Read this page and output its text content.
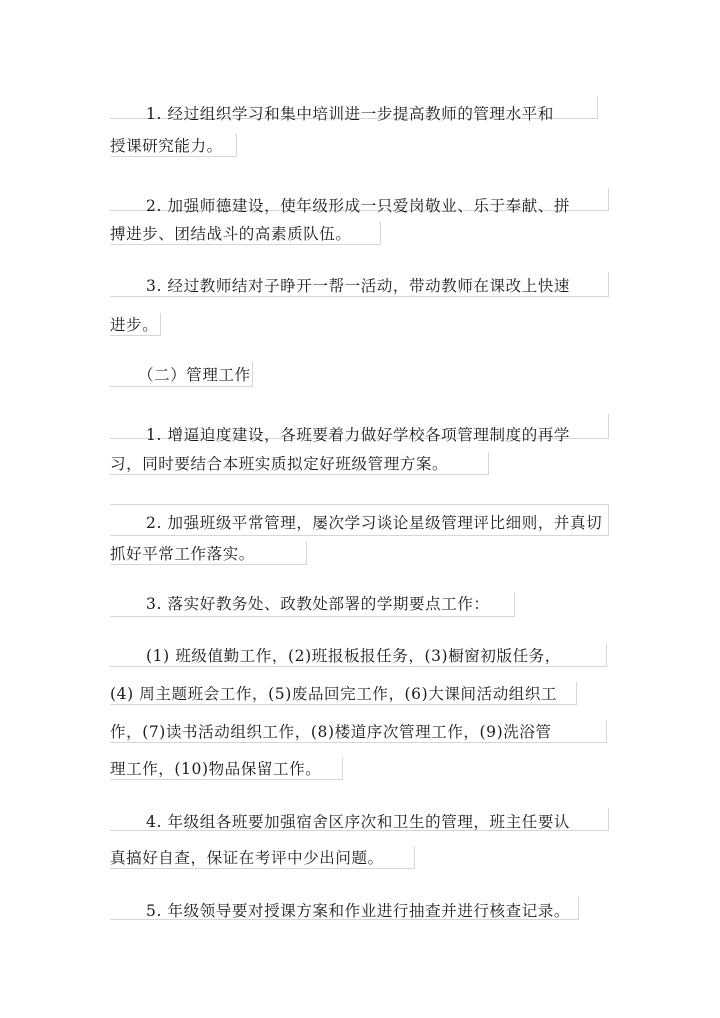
1. 经过组织学习和集中培训进一步提高教师的管理水平和
授课研究能力。
2. 加强师德建设，使年级形成一只爱岗敬业、乐于奉献、拼
搏进步、团结战斗的高素质队伍。
3. 经过教师结对子睁开一帮一活动，带动教师在课改上快速
进步。
（二）管理工作
1. 增逼迫度建设，各班要着力做好学校各项管理制度的再学
习，同时要结合本班实质拟定好班级管理方案。
2. 加强班级平常管理，屡次学习谈论星级管理评比细则，并真切
抓好平常工作落实。
3. 落实好教务处、政教处部署的学期要点工作：
(1) 班级值勤工作，(2)班报板报任务，(3)橱窗初版任务，
(4) 周主题班会工作，(5)废品回完工作，(6)大课间活动组织工
作，(7)读书活动组织工作，(8)楼道序次管理工作，(9)洗浴管
理工作，(10)物品保留工作。
4. 年级组各班要加强宿舍区序次和卫生的管理，班主任要认
真搞好自查，保证在考评中少出问题。
5. 年级领导要对授课方案和作业进行抽查并进行核查记录。
